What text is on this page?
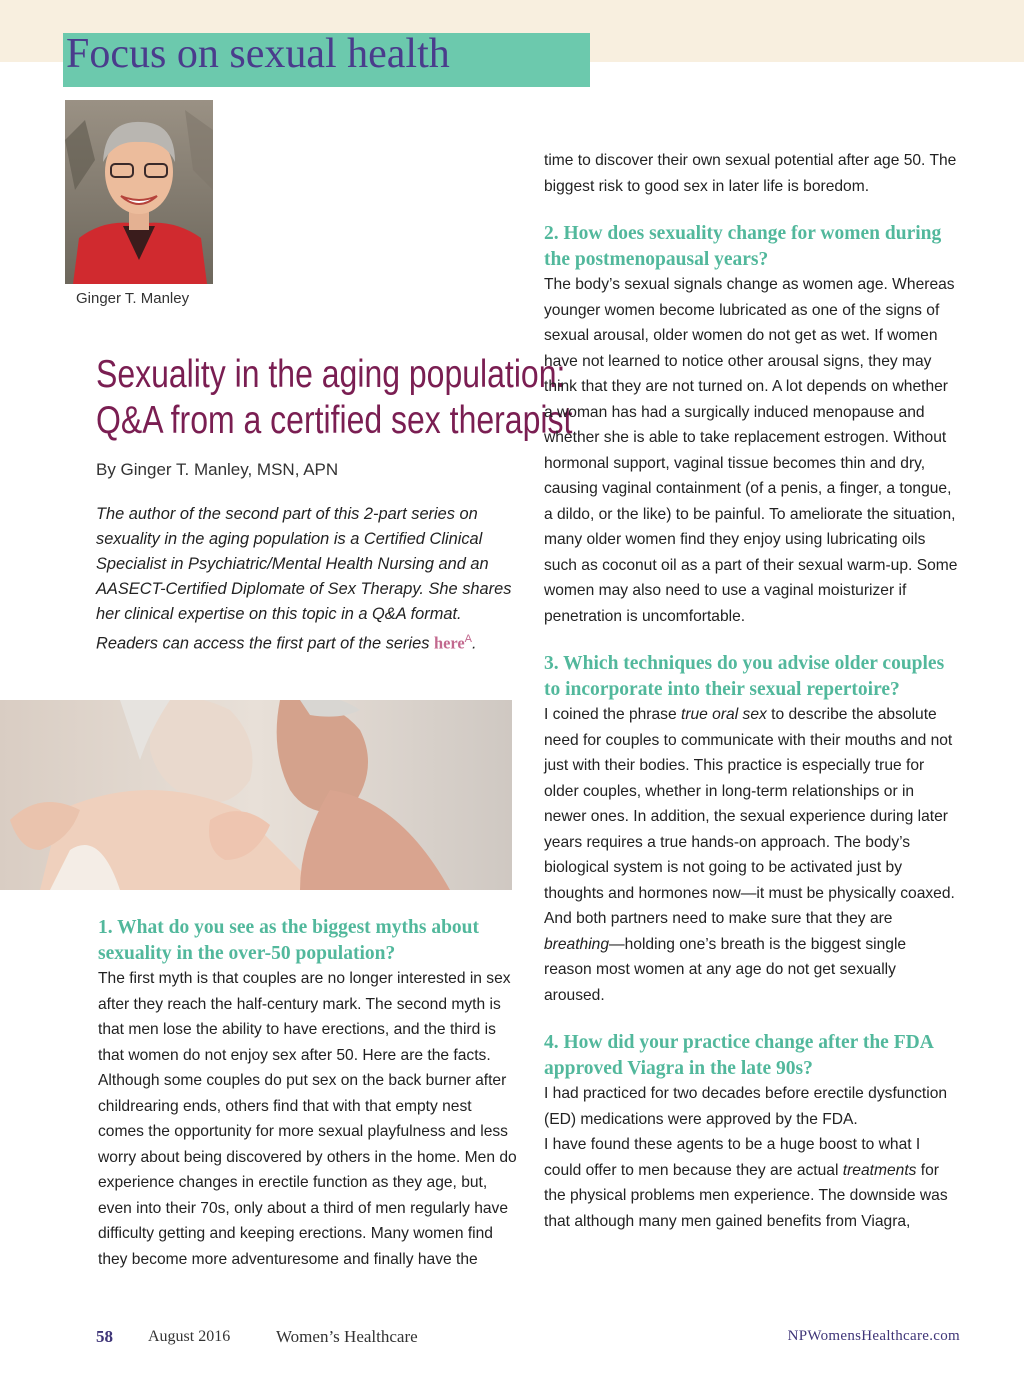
Focus on sexual health
Ginger T. Manley
Sexuality in the aging population:
Q&A from a certified sex therapist
By Ginger T. Manley, MSN, APN
The author of the second part of this 2-part series on sexuality in the aging population is a Certified Clinical Specialist in Psychiatric/Mental Health Nursing and an AASECT-Certified Diplomate of Sex Therapy. She shares her clinical expertise on this topic in a Q&A format. Readers can access the first part of the series here$^A$.

1. What do you see as the biggest myths about sexuality in the over-50 population?

The first myth is that couples are no longer interested in sex after they reach the half-century mark. The second myth is that men lose the ability to have erections, and the third is that women do not enjoy sex after 50. Here are the facts. Although some couples do put sex on the back burner after childrearing ends, others find that with that empty nest comes the opportunity for more sexual playfulness and less worry about being discovered by others in the home. Men do experience changes in erectile function as they age, but, even into their 70s, only about a third of men regularly have difficulty getting and keeping erections. Many women find they become more adventuresome and finally have the

time to discover their own sexual potential after age 50. The biggest risk to good sex in later life is boredom.

2. How does sexuality change for women during the postmenopausal years?

The body’s sexual signals change as women age. Whereas younger women become lubricated as one of the signs of sexual arousal, older women do not get as wet. If women have not learned to notice other arousal signs, they may think that they are not turned on. A lot depends on whether a woman has had a surgically induced menopause and whether she is able to take replacement estrogen. Without hormonal support, vaginal tissue becomes thin and dry, causing vaginal containment (of a penis, a finger, a tongue, a dildo, or the like) to be painful. To ameliorate the situation, many older women find they enjoy using lubricating oils such as coconut oil as a part of their sexual warm-up. Some women may also need to use a vaginal moisturizer if penetration is uncomfortable.

3. Which techniques do you advise older couples to incorporate into their sexual repertoire?

I coined the phrase true oral sex to describe the absolute need for couples to communicate with their mouths and not just with their bodies. This practice is especially true for older couples, whether in long-term relationships or in newer ones. In addition, the sexual experience during later years requires a true hands-on approach. The body’s biological system is not going to be activated just by thoughts and hormones now—it must be physically coaxed. And both partners need to make sure that they are breathing—holding one’s breath is the biggest single reason most women at any age do not get sexually aroused.

4. How did your practice change after the FDA approved Viagra in the late 90s?

I had practiced for two decades before erectile dysfunction (ED) medications were approved by the FDA.

I have found these agents to be a huge boost to what I could offer to men because they are actual treatments for the physical problems men experience. The downside was that although many men gained benefits from Viagra,

58 August 2016	Women’s Healthcare	NPWomensHealthcare.com
